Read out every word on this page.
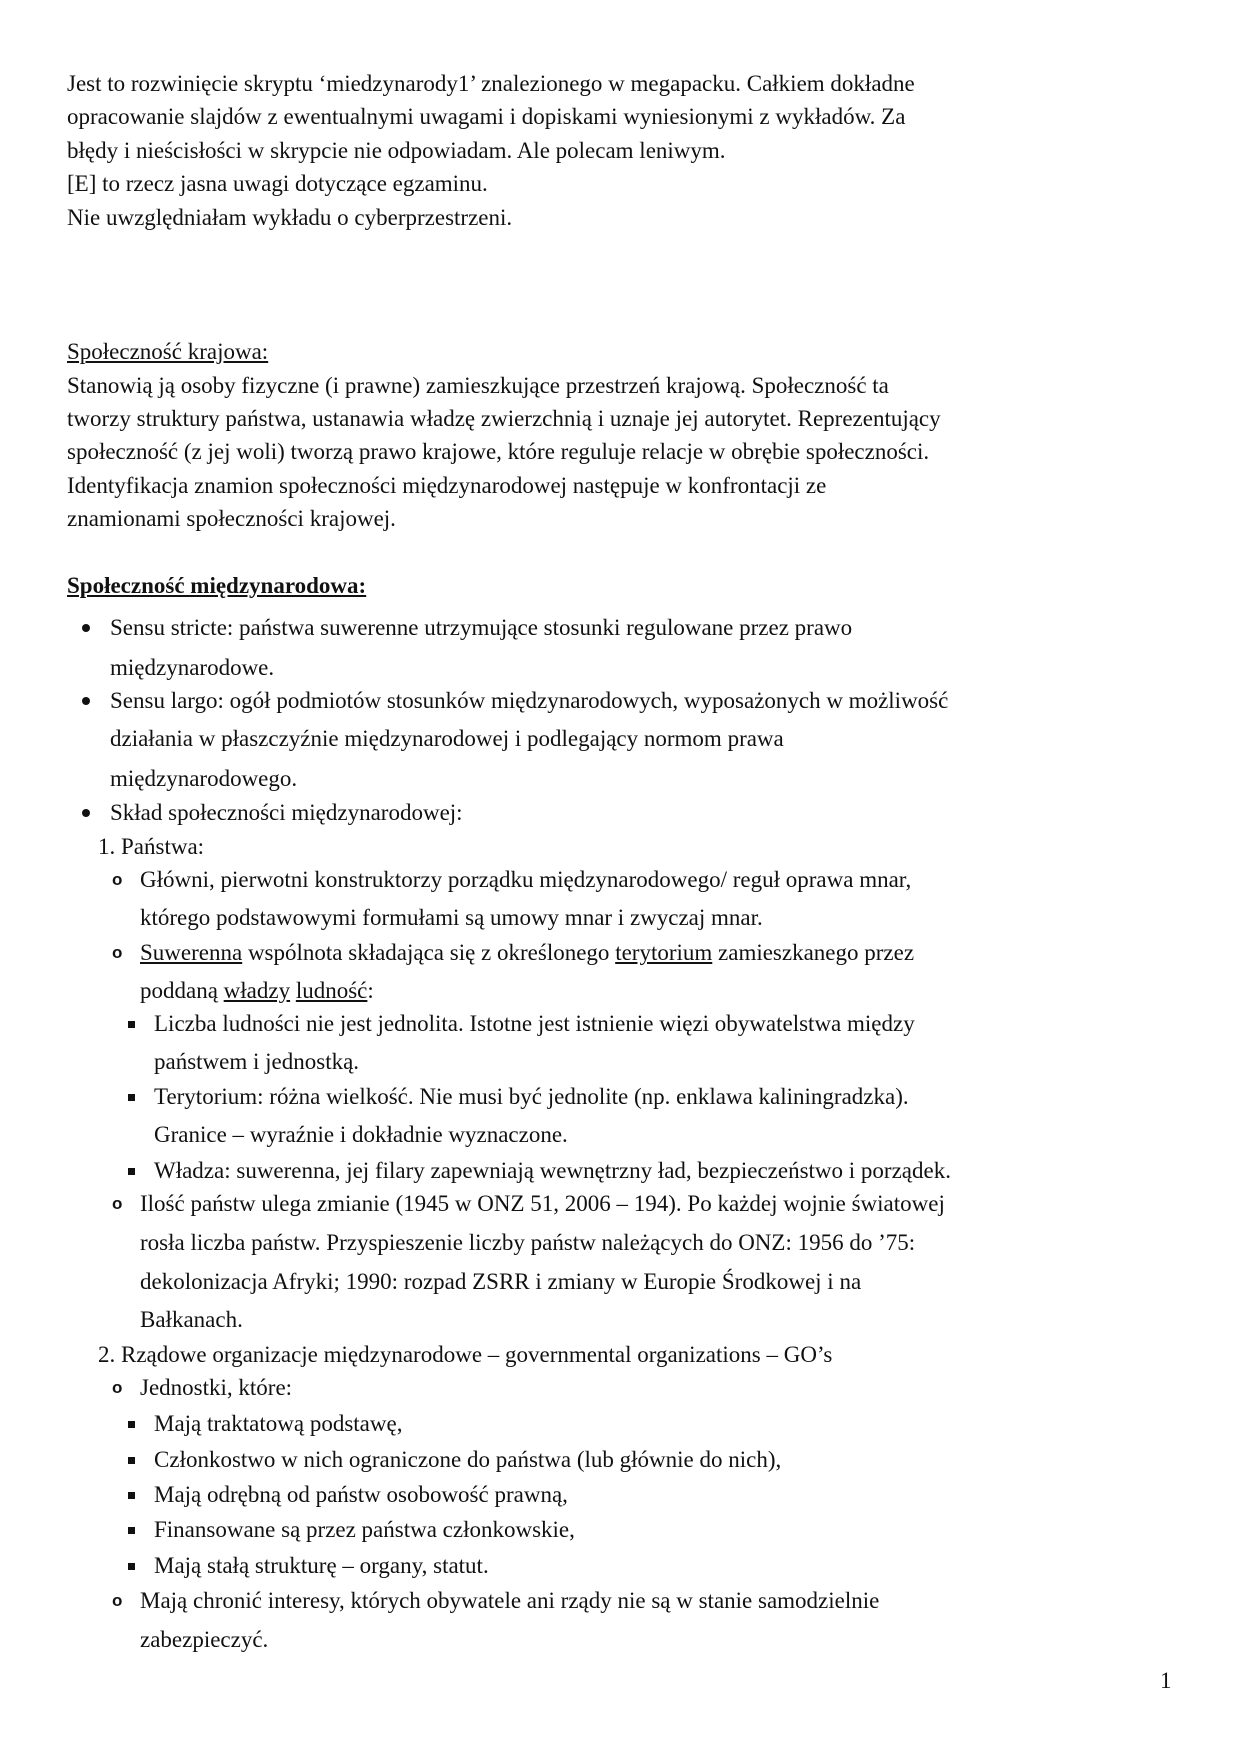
Jest to rozwinięcie skryptu ‘miedzynarody1’ znalezionego w megapacku. Całkiem dokładne
opracowanie slajdów z ewentualnymi uwagami i dopiskami wyniesionymi z wykładów. Za
błędy i nieścisłości w skrypcie nie odpowiadam. Ale polecam leniwym.
[E] to rzecz jasna uwagi dotyczące egzaminu.
Nie uwzględniałam wykładu o cyberprzestrzeni.
Społeczność krajowa:
Stanowią ją osoby fizyczne (i prawne) zamieszkujące przestrzeń krajową. Społeczność ta
tworzy struktury państwa, ustanawia władzę zwierzchnią i uznaje jej autorytet. Reprezentujący
społeczność (z jej woli) tworzą prawo krajowe, które reguluje relacje w obrębie społeczności.
Identyfikacja znamion społeczności międzynarodowej następuje w konfrontacji ze
znamionami społeczności krajowej.
Społeczność międzynarodowa:
Sensu stricte: państwa suwerenne utrzymujące stosunki regulowane przez prawo
międzynarodowe.
Sensu largo: ogół podmiotów stosunków międzynarodowych, wyposażonych w możliwość
działania w płaszczyźnie międzynarodowej i podlegający normom prawa
międzynarodowego.
Skład społeczności międzynarodowej:
1. Państwa:
o Główni, pierwotni konstruktorzy porządku międzynarodowego/ reguł oprawa mnar,
którego podstawowymi formułami są umowy mnar i zwyczaj mnar.
o Suwerenna wspólnota składająca się z określonego terytorium zamieszkanego przez
poddaną władzy ludność:
Liczba ludności nie jest jednolita. Istotne jest istnienie więzi obywatelstwa między
państwem i jednostką.
Terytorium: różna wielkość. Nie musi być jednolite (np. enklawa kaliningradzka).
Granice – wyraźnie i dokładnie wyznaczone.
Władza: suwerenna, jej filary zapewniają wewnętrzny ład, bezpieczeństwo i porządek.
o Ilość państw ulega zmianie (1945 w ONZ 51, 2006 – 194). Po każdej wojnie światowej
rosła liczba państw. Przyspieszenie liczby państw należących do ONZ: 1956 do ’75:
dekolonizacja Afryki; 1990: rozpad ZSRR i zmiany w Europie Środkowej i na
Bałkanach.
2. Rządowe organizacje międzynarodowe – governmental organizations – GO’s
o Jednostki, które:
Mają traktatową podstawę,
Członkostwo w nich ograniczone do państwa (lub głównie do nich),
Mają odrębną od państw osobowość prawną,
Finansowane są przez państwa członkowskie,
Mają stałą strukturę – organy, statut.
o Mają chronić interesy, których obywatele ani rządy nie są w stanie samodzielnie
zabezpieczyć.
1
